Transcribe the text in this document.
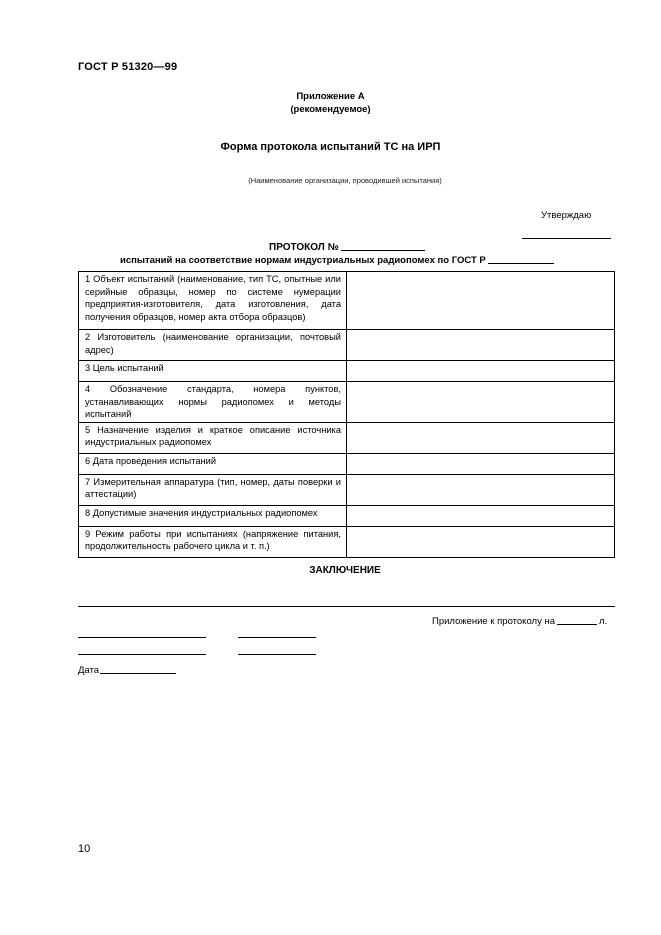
ГОСТ Р 51320—99
Приложение А
(рекомендуемое)
Форма протокола испытаний ТС на ИРП
(Наименование организации, проводившей испытания)
Утверждаю
ПРОТОКОЛ №
испытаний на соответствие нормам индустриальных радиопомех по ГОСТ Р
1 Объект испытаний (наименование, тип ТС, опытные или серийные образцы, номер по системе нумерации предприятия-изготовителя, дата изготовления, дата получения образцов, номер акта отбора образцов)	
2 Изготовитель (наименование организации, почтовый адрес)	
3 Цель испытаний	
4 Обозначение стандарта, номера пунктов, устанавливающих нормы радиопомех и методы испытаний	
5 Назначение изделия и краткое описание источника индустриальных радиопомех	
6 Дата проведения испытаний	
7 Измерительная аппаратура (тип, номер, даты поверки и аттестации)	
8 Допустимые значения индустриальных радиопомех	
9 Режим работы при испытаниях (напряжение питания, продолжительность рабочего цикла и т. п.)	
ЗАКЛЮЧЕНИЕ
Приложение к протоколу на	л.
Дата
10
